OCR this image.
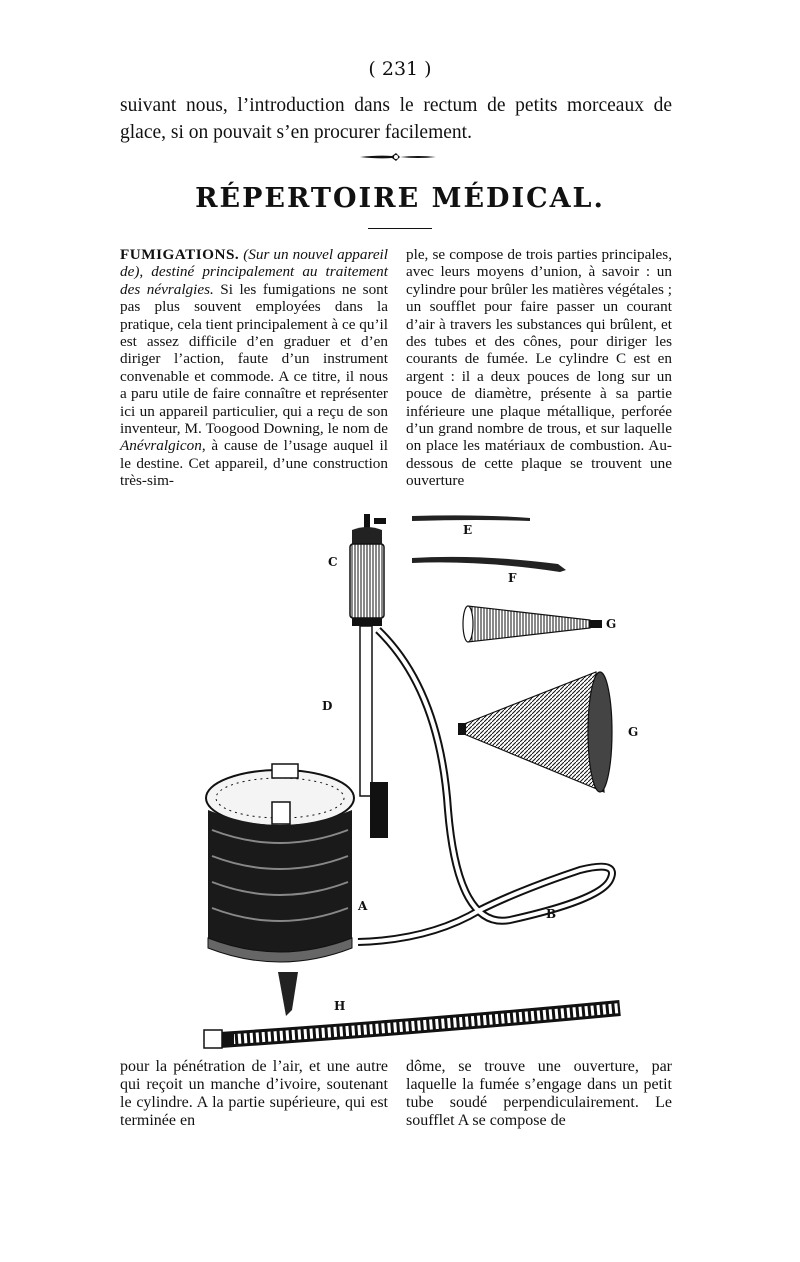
( 231 )
suivant nous, l’introduction dans le rectum de petits morceaux de glace, si on pouvait s’en procurer facilement.
RÉPERTOIRE MÉDICAL.

FUMIGATIONS. (Sur un nouvel appareil de), destiné principalement au traitement des névralgies. Si les fumigations ne sont pas plus souvent employées dans la pratique, cela tient principalement à ce qu’il est assez difficile d’en graduer et d’en diriger l’action, faute d’un instrument convenable et commode. A ce titre, il nous a paru utile de faire connaître et représenter ici un appareil particulier, qui a reçu de son inventeur, M. Toogood Downing, le nom de Anévralgicon, à cause de l’usage auquel il le destine. Cet appareil, d’une construction très-sim-

ple, se compose de trois parties principales, avec leurs moyens d’union, à savoir : un cylindre pour brûler les matières végétales ; un soufflet pour faire passer un courant d’air à travers les substances qui brûlent, et des tubes et des cônes, pour diriger les courants de fumée. Le cylindre C est en argent : il a deux pouces de long sur un pouce de diamètre, présente à sa partie inférieure une plaque métallique, perforée d’un grand nombre de trous, et sur laquelle on place les matériaux de combustion. Au-dessous de cette plaque se trouvent une ouverture

E
F
G
G
C
D
A
B
H
pour la pénétration de l’air, et une autre qui reçoit un manche d’ivoire, soutenant le cylindre. A la partie supérieure, qui est terminée en
dôme, se trouve une ouverture, par laquelle la fumée s’engage dans un petit tube soudé perpendiculairement. Le soufflet A se compose de
